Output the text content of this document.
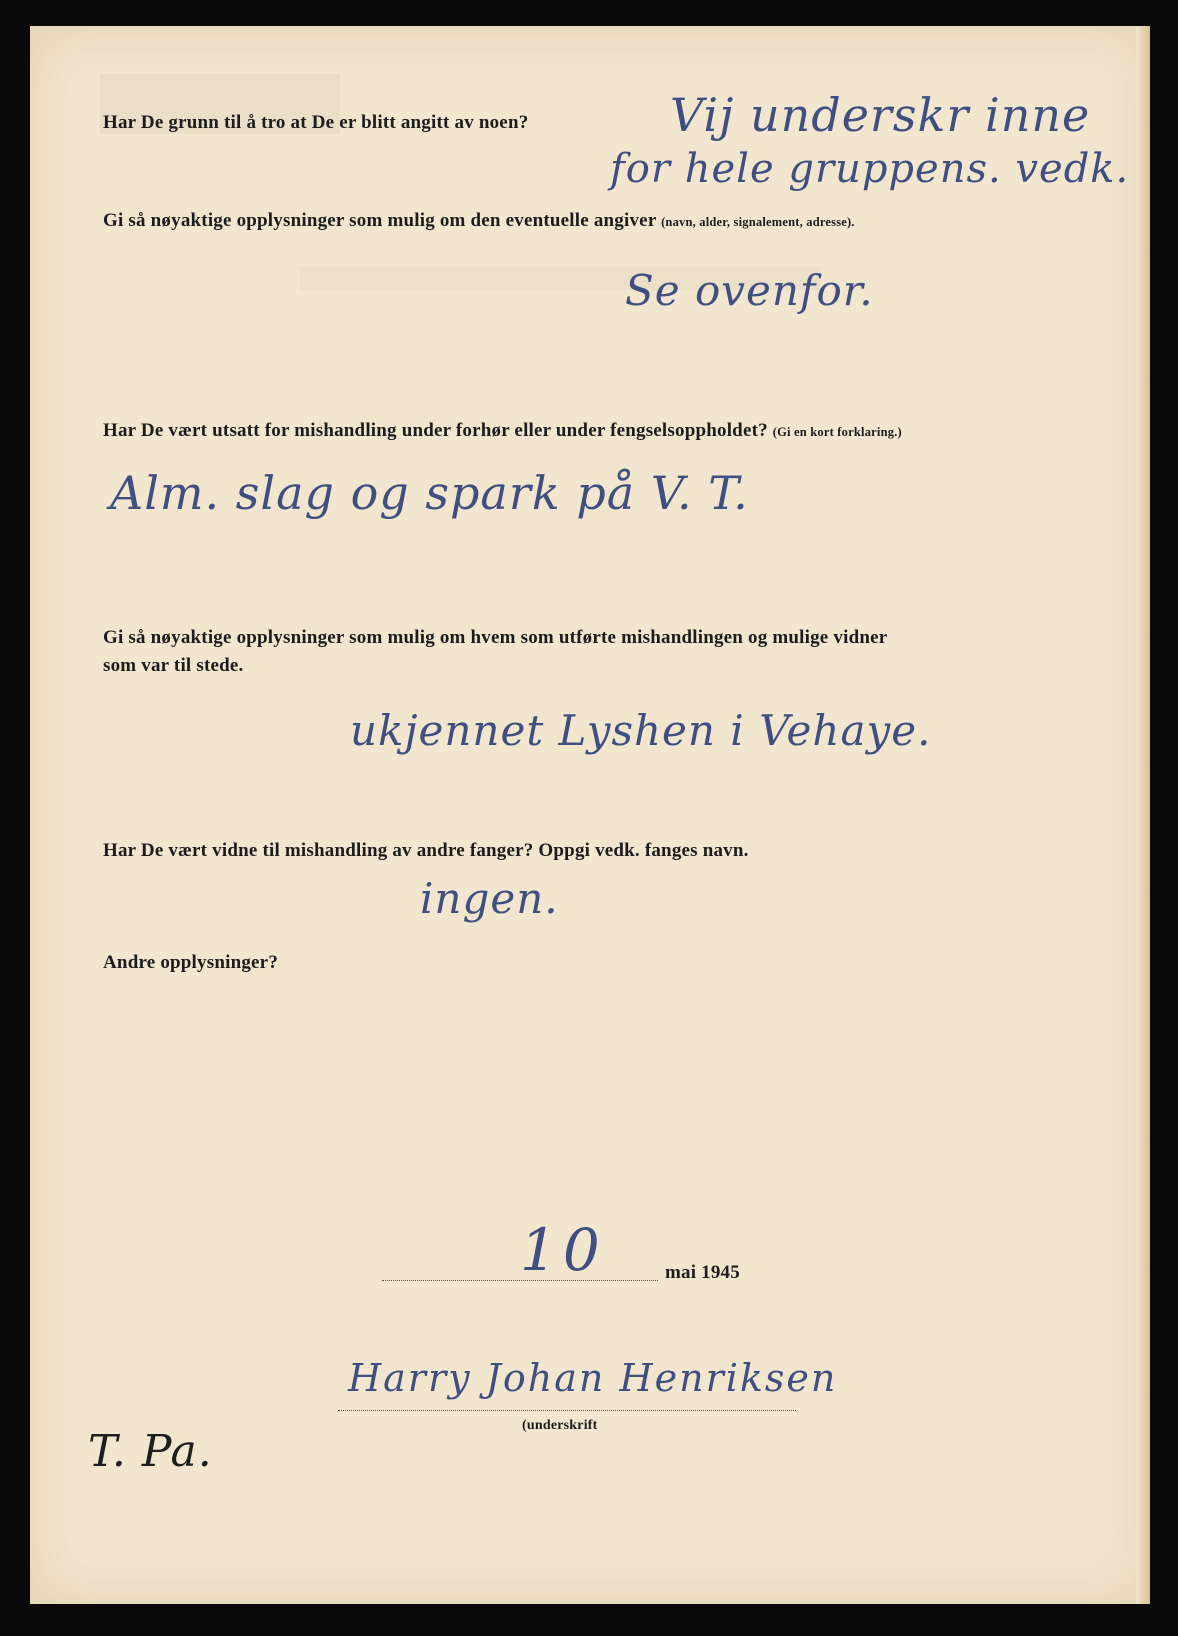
Har De grunn til å tro at De er blitt angitt av noen?	Vij underskr inne

for hele gruppens. vedk.

Gi så nøyaktige opplysninger som mulig om den eventuelle angiver (navn, alder, signalement, adresse).

Se ovenfor.

Har De vært utsatt for mishandling under forhør eller under fengselsoppholdet? (Gi en kort forklaring.)

Alm. slag og spark på V. T.

Gi så nøyaktige opplysninger som mulig om hvem som utførte mishandlingen og mulige vidner

som var til stede.

ukjennet Lyshen i Vehaye.

Har De vært vidne til mishandling av andre fanger? Oppgi vedk. fanges navn.

ingen.

Andre opplysninger?

10	mai 1945

Harry Johan Henriksen

(underskrift

T. Pa.
